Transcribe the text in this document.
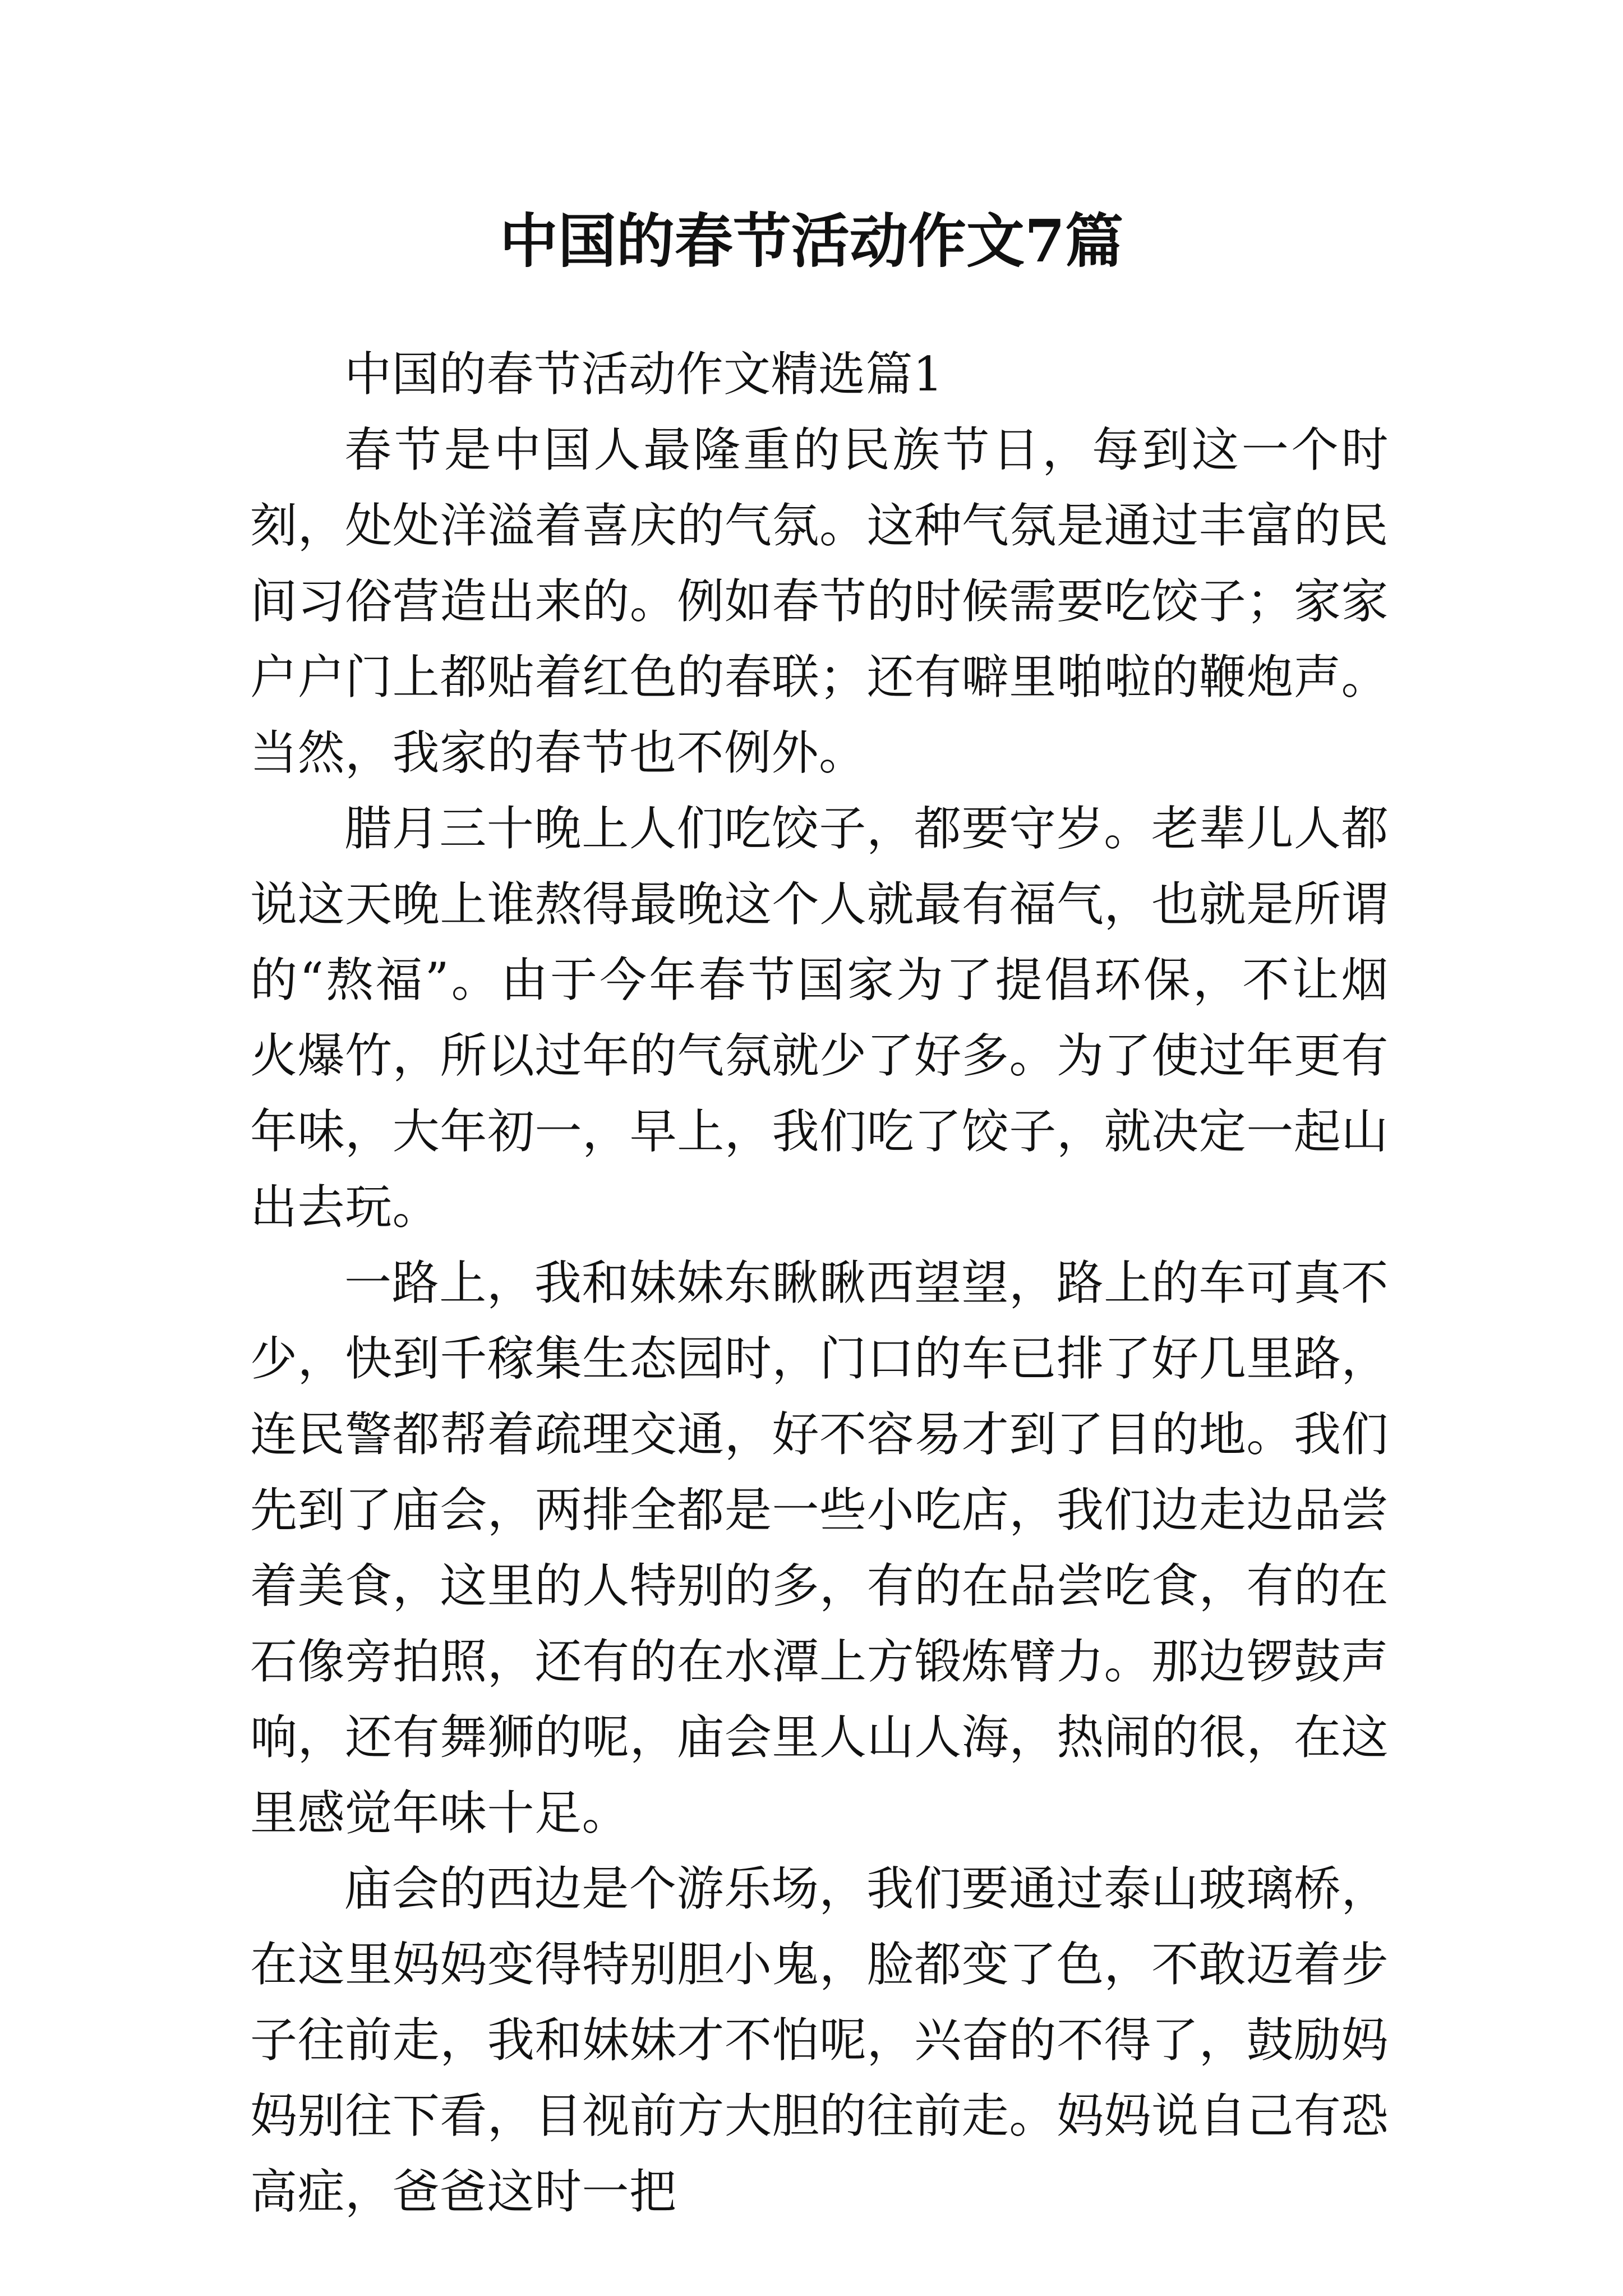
中国的春节活动作文7篇

中国的春节活动作文精选篇1

春节是中国人最隆重的民族节日，每到这一个时刻，处处洋溢着喜庆的气氛。这种气氛是通过丰富的民间习俗营造出来的。例如春节的时候需要吃饺子；家家户户门上都贴着红色的春联；还有噼里啪啦的鞭炮声。当然，我家的春节也不例外。

腊月三十晚上人们吃饺子，都要守岁。老辈儿人都说这天晚上谁熬得最晚这个人就最有福气，也就是所谓的“熬福”。由于今年春节国家为了提倡环保，不让烟火爆竹，所以过年的气氛就少了好多。为了使过年更有年味，大年初一，早上，我们吃了饺子，就决定一起山出去玩。

一路上，我和妹妹东瞅瞅西望望，路上的车可真不少，快到千稼集生态园时，门口的车已排了好几里路，连民警都帮着疏理交通，好不容易才到了目的地。我们先到了庙会，两排全都是一些小吃店，我们边走边品尝着美食，这里的人特别的多，有的在品尝吃食，有的在石像旁拍照，还有的在水潭上方锻炼臂力。那边锣鼓声响，还有舞狮的呢，庙会里人山人海，热闹的很，在这里感觉年味十足。

庙会的西边是个游乐场，我们要通过泰山玻璃桥，在这里妈妈变得特别胆小鬼，脸都变了色，不敢迈着步子往前走，我和妹妹才不怕呢，兴奋的不得了，鼓励妈妈别往下看，目视前方大胆的往前走。妈妈说自己有恐高症，爸爸这时一把
